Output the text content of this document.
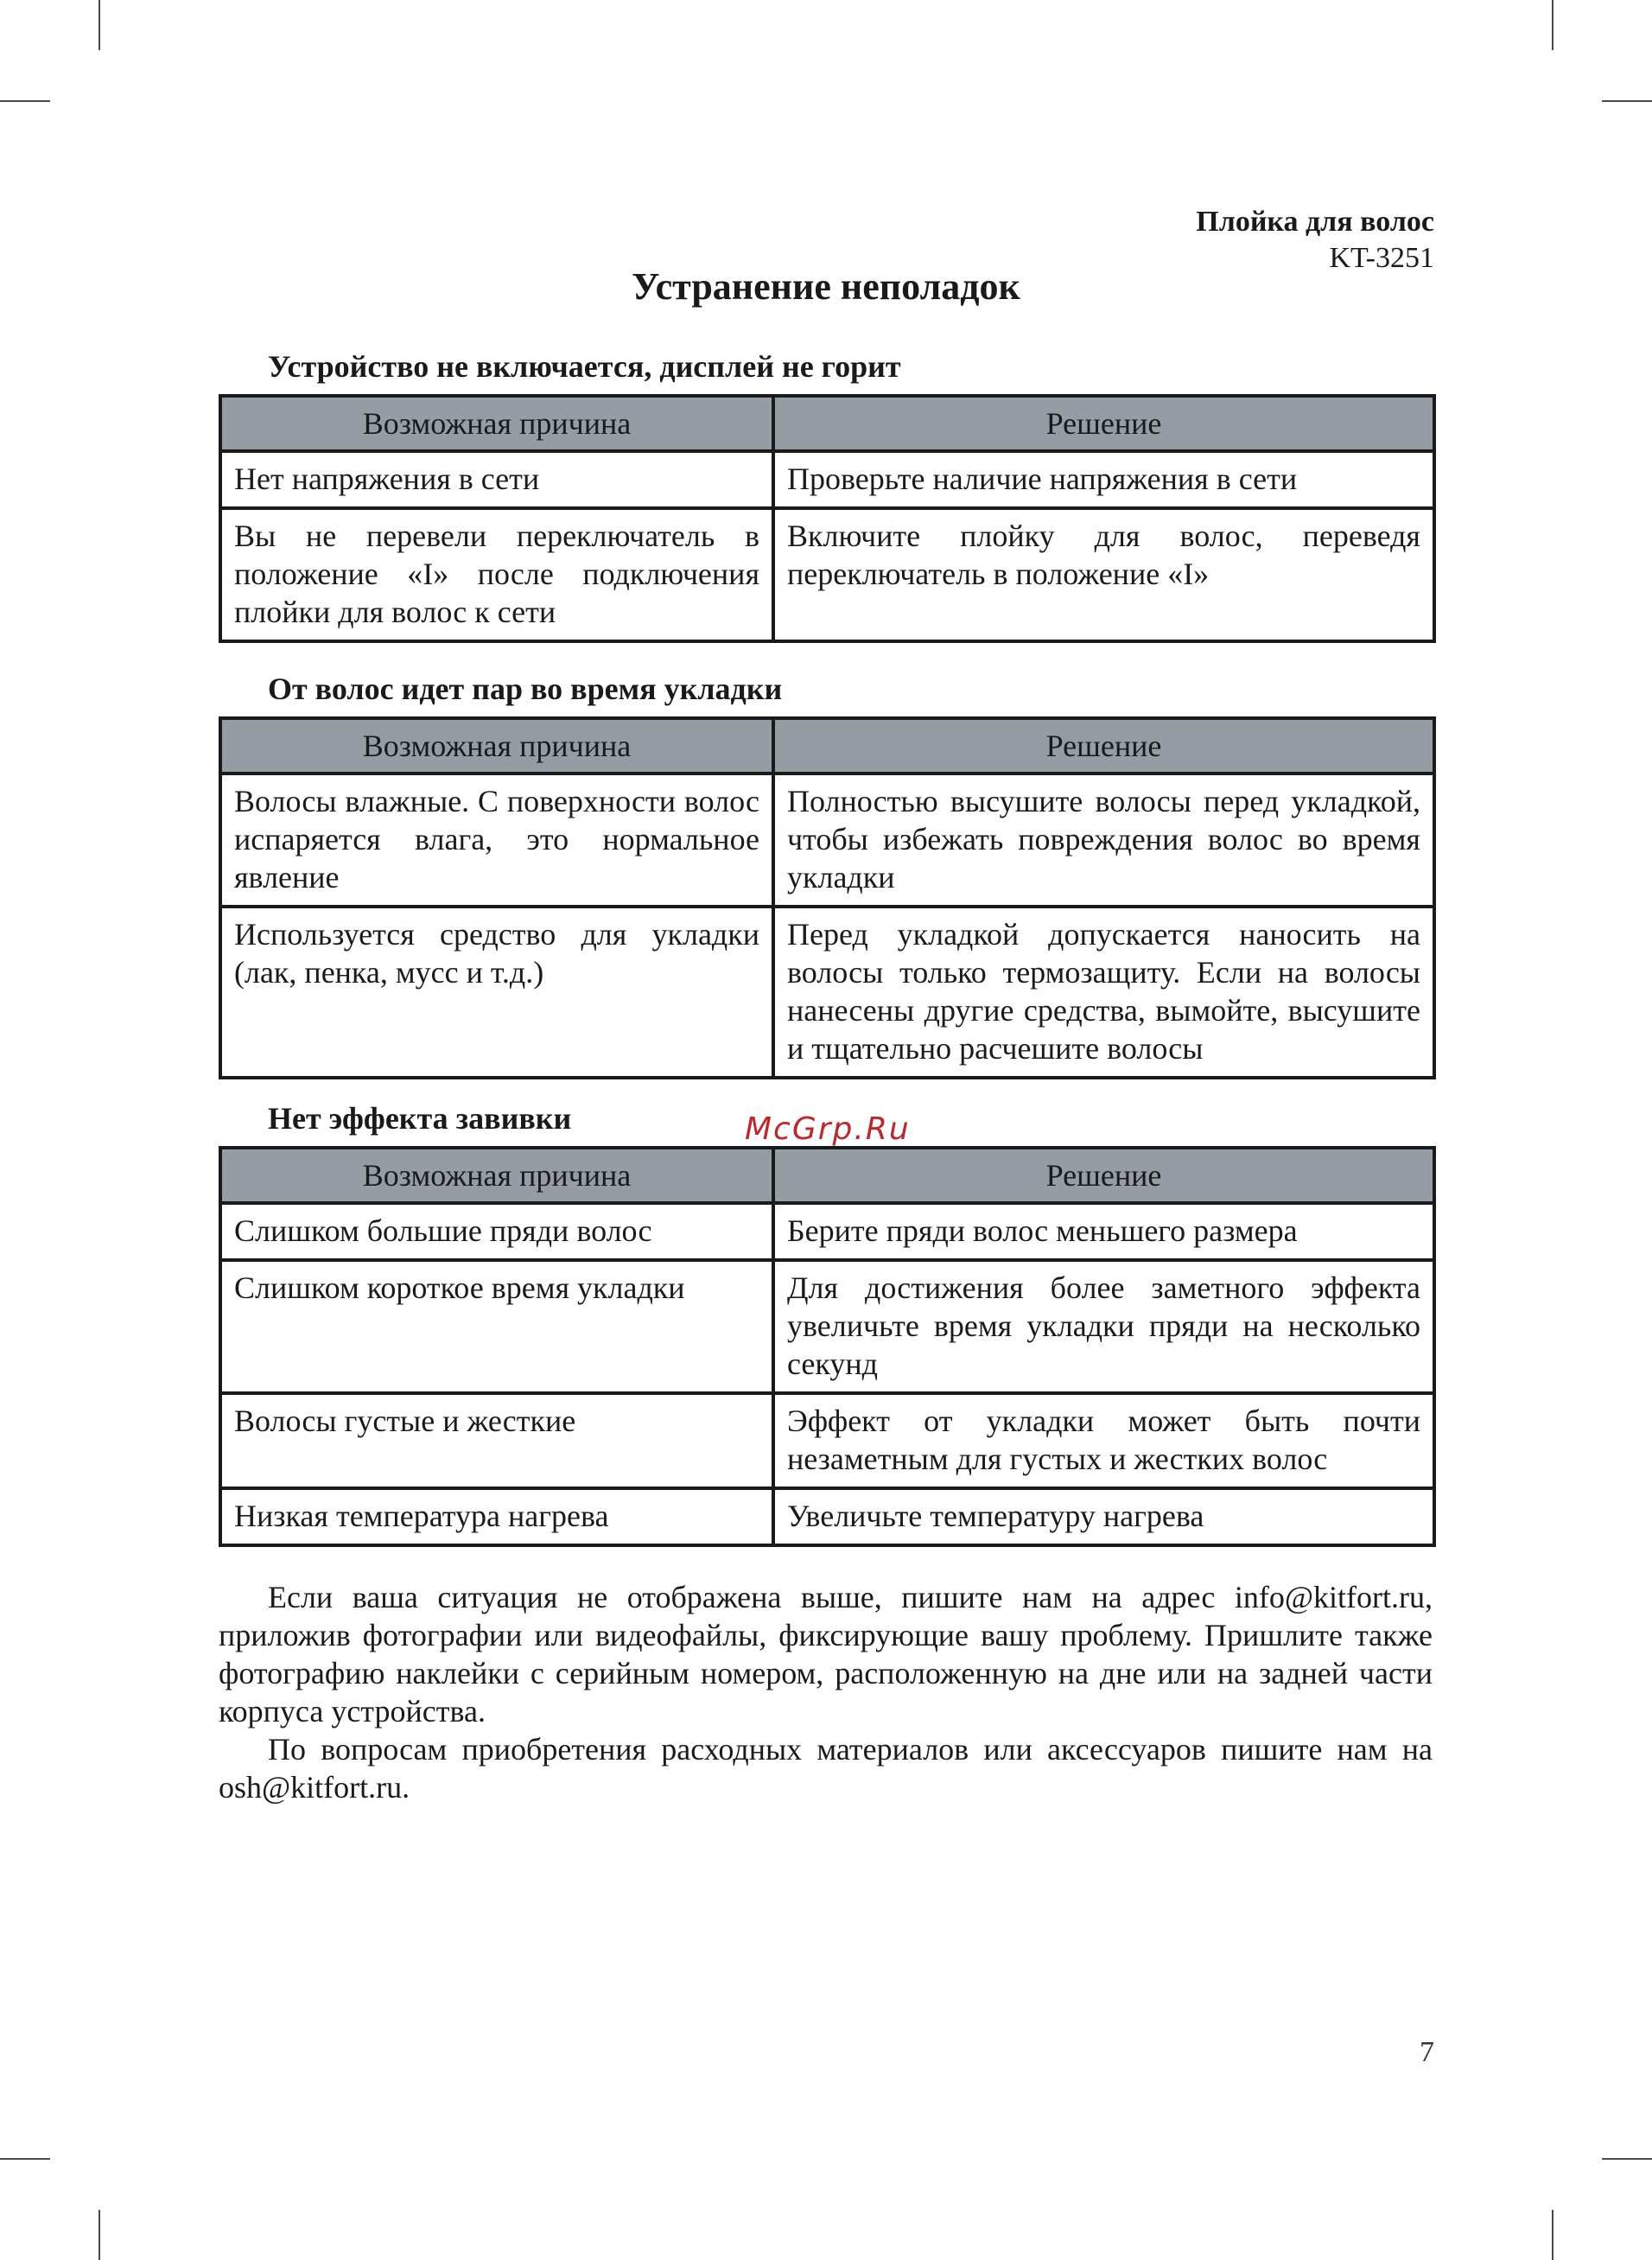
Плойка для волос
KT-3251
Устранение неполадок
Устройство не включается, дисплей не горит
Возможная причина	Решение
Нет напряжения в сети	Проверьте наличие напряжения в сети
Вы не перевели переключатель в положение «I» после подключения плойки для волос к сети	Включите плойку для волос, переведя переключатель в положение «I»
От волос идет пар во время укладки
Возможная причина	Решение
Волосы влажные. С поверхности волос испаряется влага, это нормальное явление	Полностью высушите волосы перед укладкой, чтобы избежать повреждения волос во время укладки
Используется средство для укладки (лак, пенка, мусс и т.д.)	Перед укладкой допускается наносить на волосы только термозащиту. Если на волосы нанесены другие средства, вымойте, высушите и тщательно расчешите волосы
Нет эффекта завивки	McGrp.Ru
Возможная причина	Решение
Слишком большие пряди волос	Берите пряди волос меньшего размера
Слишком короткое время укладки	Для достижения более заметного эффекта увеличьте время укладки пряди на несколько секунд
Волосы густые и жесткие	Эффект от укладки может быть почти незаметным для густых и жестких волос
Низкая температура нагрева	Увеличьте температуру нагрева

Если ваша ситуация не отображена выше, пишите нам на адрес info@kitfort.ru, приложив фотографии или видеофайлы, фиксирующие вашу проблему. Пришлите также фотографию наклейки с серийным номером, расположенную на дне или на задней части корпуса устройства.

По вопросам приобретения расходных материалов или аксессуаров пишите нам на osh@kitfort.ru.

7
